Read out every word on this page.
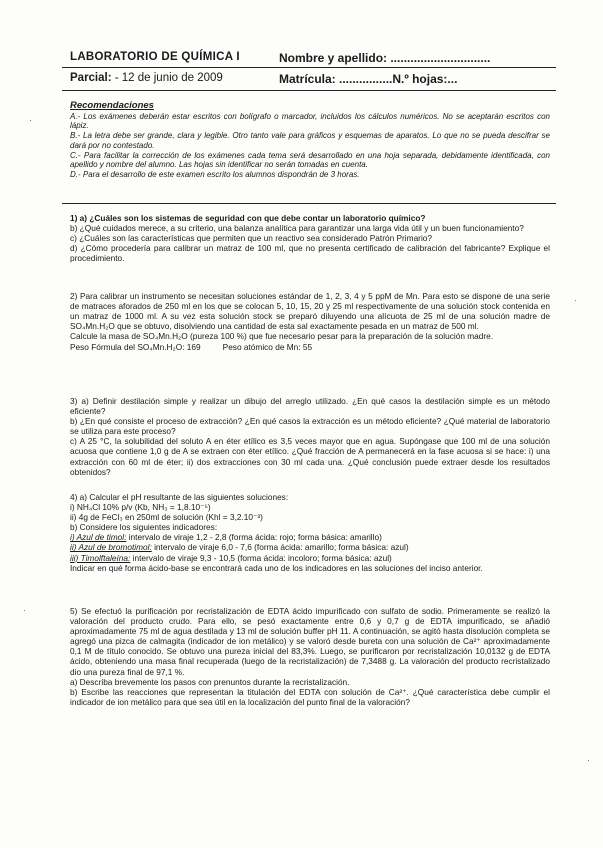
LABORATORIO DE QUÍMICA I
Parcial: - 12 de junio de 2009
Nombre y apellido: ..............................
Matrícula: ................N.º hojas:...
Recomendaciones

A.- Los exámenes deberán estar escritos con bolígrafo o marcador, incluidos los cálculos numéricos. No se aceptarán escritos con lápiz.

B.- La letra debe ser grande, clara y legible. Otro tanto vale para gráficos y esquemas de aparatos. Lo que no se pueda descifrar se dará por no contestado.

C.- Para facilitar la corrección de los exámenes cada tema será desarrollado en una hoja separada, debidamente identificada, con apellido y nombre del alumno. Las hojas sin identificar no serán tomadas en cuenta.

D.- Para el desarrollo de este examen escrito los alumnos dispondrán de 3 horas.

1) a) ¿Cuáles son los sistemas de seguridad con que debe contar un laboratorio químico?

b) ¿Qué cuidados merece, a su criterio, una balanza analítica para garantizar una larga vida útil y un buen funcionamiento?

c) ¿Cuáles son las características que permiten que un reactivo sea considerado Patrón Primario?

d) ¿Cómo procedería para calibrar un matraz de 100 ml, que no presenta certificado de calibración del fabricante? Explique el procedimiento.

2) Para calibrar un instrumento se necesitan soluciones estándar de 1, 2, 3, 4 y 5 ppM de Mn. Para esto se dispone de una serie de matraces aforados de 250 ml en los que se colocan 5, 10, 15, 20 y 25 ml respectivamente de una solución stock contenida en un matraz de 1000 ml. A su vez esta solución stock se preparó diluyendo una alícuota de 25 ml de una solución madre de SO₄Mn.H₂O que se obtuvo, disolviendo una cantidad de esta sal exactamente pesada en un matraz de 500 ml.

Calcule la masa de SO₄Mn.H₂O (pureza 100 %) que fue necesario pesar para la preparación de la solución madre.

Peso Fórmula del SO₄Mn.H₂O: 169	Peso atómico de Mn: 55

3) a) Definir destilación simple y realizar un dibujo del arreglo utilizado. ¿En qué casos la destilación simple es un método eficiente?

b) ¿En qué consiste el proceso de extracción? ¿En qué casos la extracción es un método eficiente? ¿Qué material de laboratorio se utiliza para este proceso?

c) A 25 °C, la solubilidad del soluto A en éter etílico es 3,5 veces mayor que en agua. Supóngase que 100 ml de una solución acuosa que contiene 1,0 g de A se extraen con éter etílico. ¿Qué fracción de A permanecerá en la fase acuosa si se hace: i) una extracción con 60 ml de éter; ii) dos extracciones con 30 ml cada una. ¿Qué conclusión puede extraer desde los resultados obtenidos?

4) a) Calcular el pH resultante de las siguientes soluciones:

i) NH₄Cl 10% p/v (Kb, NH₃ = 1,8.10⁻⁵)

ii) 4g de FeCl₃ en 250ml de solución (Khl = 3,2.10⁻³)

b) Considere los siguientes indicadores:

i) Azul de timol: intervalo de viraje 1,2 - 2,8 (forma ácida: rojo; forma básica: amarillo)

ii) Azul de bromotimol: intervalo de viraje 6,0 - 7,6 (forma ácida: amarillo; forma básica: azul)

iii) Timolftaleína: intervalo de viraje 9,3 - 10,5 (forma ácida: incoloro; forma básica: azul)

Indicar en qué forma ácido-base se encontrará cada uno de los indicadores en las soluciones del inciso anterior.

5) Se efectuó la purificación por recristalización de EDTA ácido impurificado con sulfato de sodio. Primeramente se realizó la valoración del producto crudo. Para ello, se pesó exactamente entre 0,6 y 0,7 g de EDTA impurificado, se añadió aproximadamente 75 ml de agua destilada y 13 ml de solución buffer pH 11. A continuación, se agitó hasta disolución completa se agregó una pizca de calmagita (indicador de ion metálico) y se valoró desde bureta con una solución de Ca²⁺ aproximadamente 0,1 M de título conocido. Se obtuvo una pureza inicial del 83,3%. Luego, se purificaron por recristalización 10,0132 g de EDTA ácido, obteniendo una masa final recuperada (luego de la recristalización) de 7,3488 g. La valoración del producto recristalizado dio una pureza final de 97,1 %.

a) Describa brevemente los pasos con prenuntos durante la recristalización.

b) Escribe las reacciones que representan la titulación del EDTA con solución de Ca²⁺. ¿Qué característica debe cumplir el indicador de ion metálico para que sea útil en la localización del punto final de la valoración?
